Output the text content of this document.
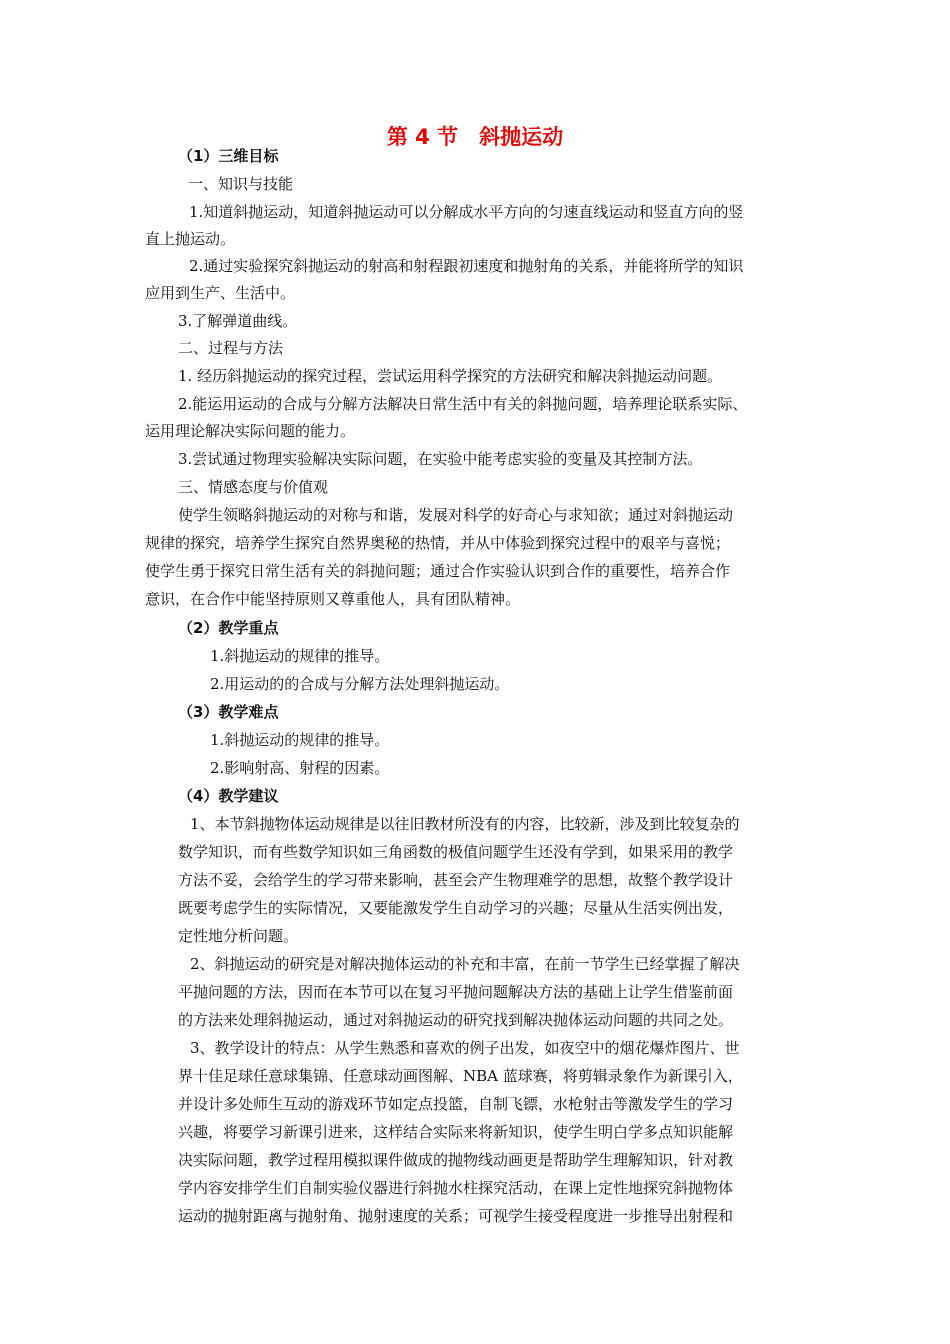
第 4 节　斜抛运动
（1）三维目标
一、知识与技能
1.知道斜抛运动，知道斜抛运动可以分解成水平方向的匀速直线运动和竖直方向的竖
直上抛运动。
2.通过实验探究斜抛运动的射高和射程跟初速度和抛射角的关系，并能将所学的知识
应用到生产、生活中。
3.了解弹道曲线。
二、过程与方法
1. 经历斜抛运动的探究过程，尝试运用科学探究的方法研究和解决斜抛运动问题。
2.能运用运动的合成与分解方法解决日常生活中有关的斜抛问题，培养理论联系实际、
运用理论解决实际问题的能力。
3.尝试通过物理实验解决实际问题，在实验中能考虑实验的变量及其控制方法。
三、情感态度与价值观
使学生领略斜抛运动的对称与和谐，发展对科学的好奇心与求知欲；通过对斜抛运动
规律的探究，培养学生探究自然界奥秘的热情，并从中体验到探究过程中的艰辛与喜悦；
使学生勇于探究日常生活有关的斜抛问题；通过合作实验认识到合作的重要性，培养合作
意识，在合作中能坚持原则又尊重他人，具有团队精神。
（2）教学重点
1.斜抛运动的规律的推导。
2.用运动的的合成与分解方法处理斜抛运动。
（3）教学难点
1.斜抛运动的规律的推导。
2.影响射高、射程的因素。
（4）教学建议
1、本节斜抛物体运动规律是以往旧教材所没有的内容，比较新，涉及到比较复杂的
数学知识，而有些数学知识如三角函数的极值问题学生还没有学到，如果采用的教学
方法不妥，会给学生的学习带来影响，甚至会产生物理难学的思想，故整个教学设计
既要考虑学生的实际情况，又要能激发学生自动学习的兴趣；尽量从生活实例出发，
定性地分析问题。
2、斜抛运动的研究是对解决抛体运动的补充和丰富，在前一节学生已经掌握了解决
平抛问题的方法，因而在本节可以在复习平抛问题解决方法的基础上让学生借鉴前面
的方法来处理斜抛运动，通过对斜抛运动的研究找到解决抛体运动问题的共同之处。
3、教学设计的特点：从学生熟悉和喜欢的例子出发，如夜空中的烟花爆炸图片、世
界十佳足球任意球集锦、任意球动画图解、NBA 蓝球赛，将剪辑录象作为新课引入，
并设计多处师生互动的游戏环节如定点投篮，自制飞镖，水枪射击等激发学生的学习
兴趣，将要学习新课引进来，这样结合实际来将新知识，使学生明白学多点知识能解
决实际问题，教学过程用模拟课件做成的抛物线动画更是帮助学生理解知识，针对教
学内容安排学生们自制实验仪器进行斜抛水柱探究活动，在课上定性地探究斜抛物体
运动的抛射距离与抛射角、抛射速度的关系；可视学生接受程度进一步推导出射程和
